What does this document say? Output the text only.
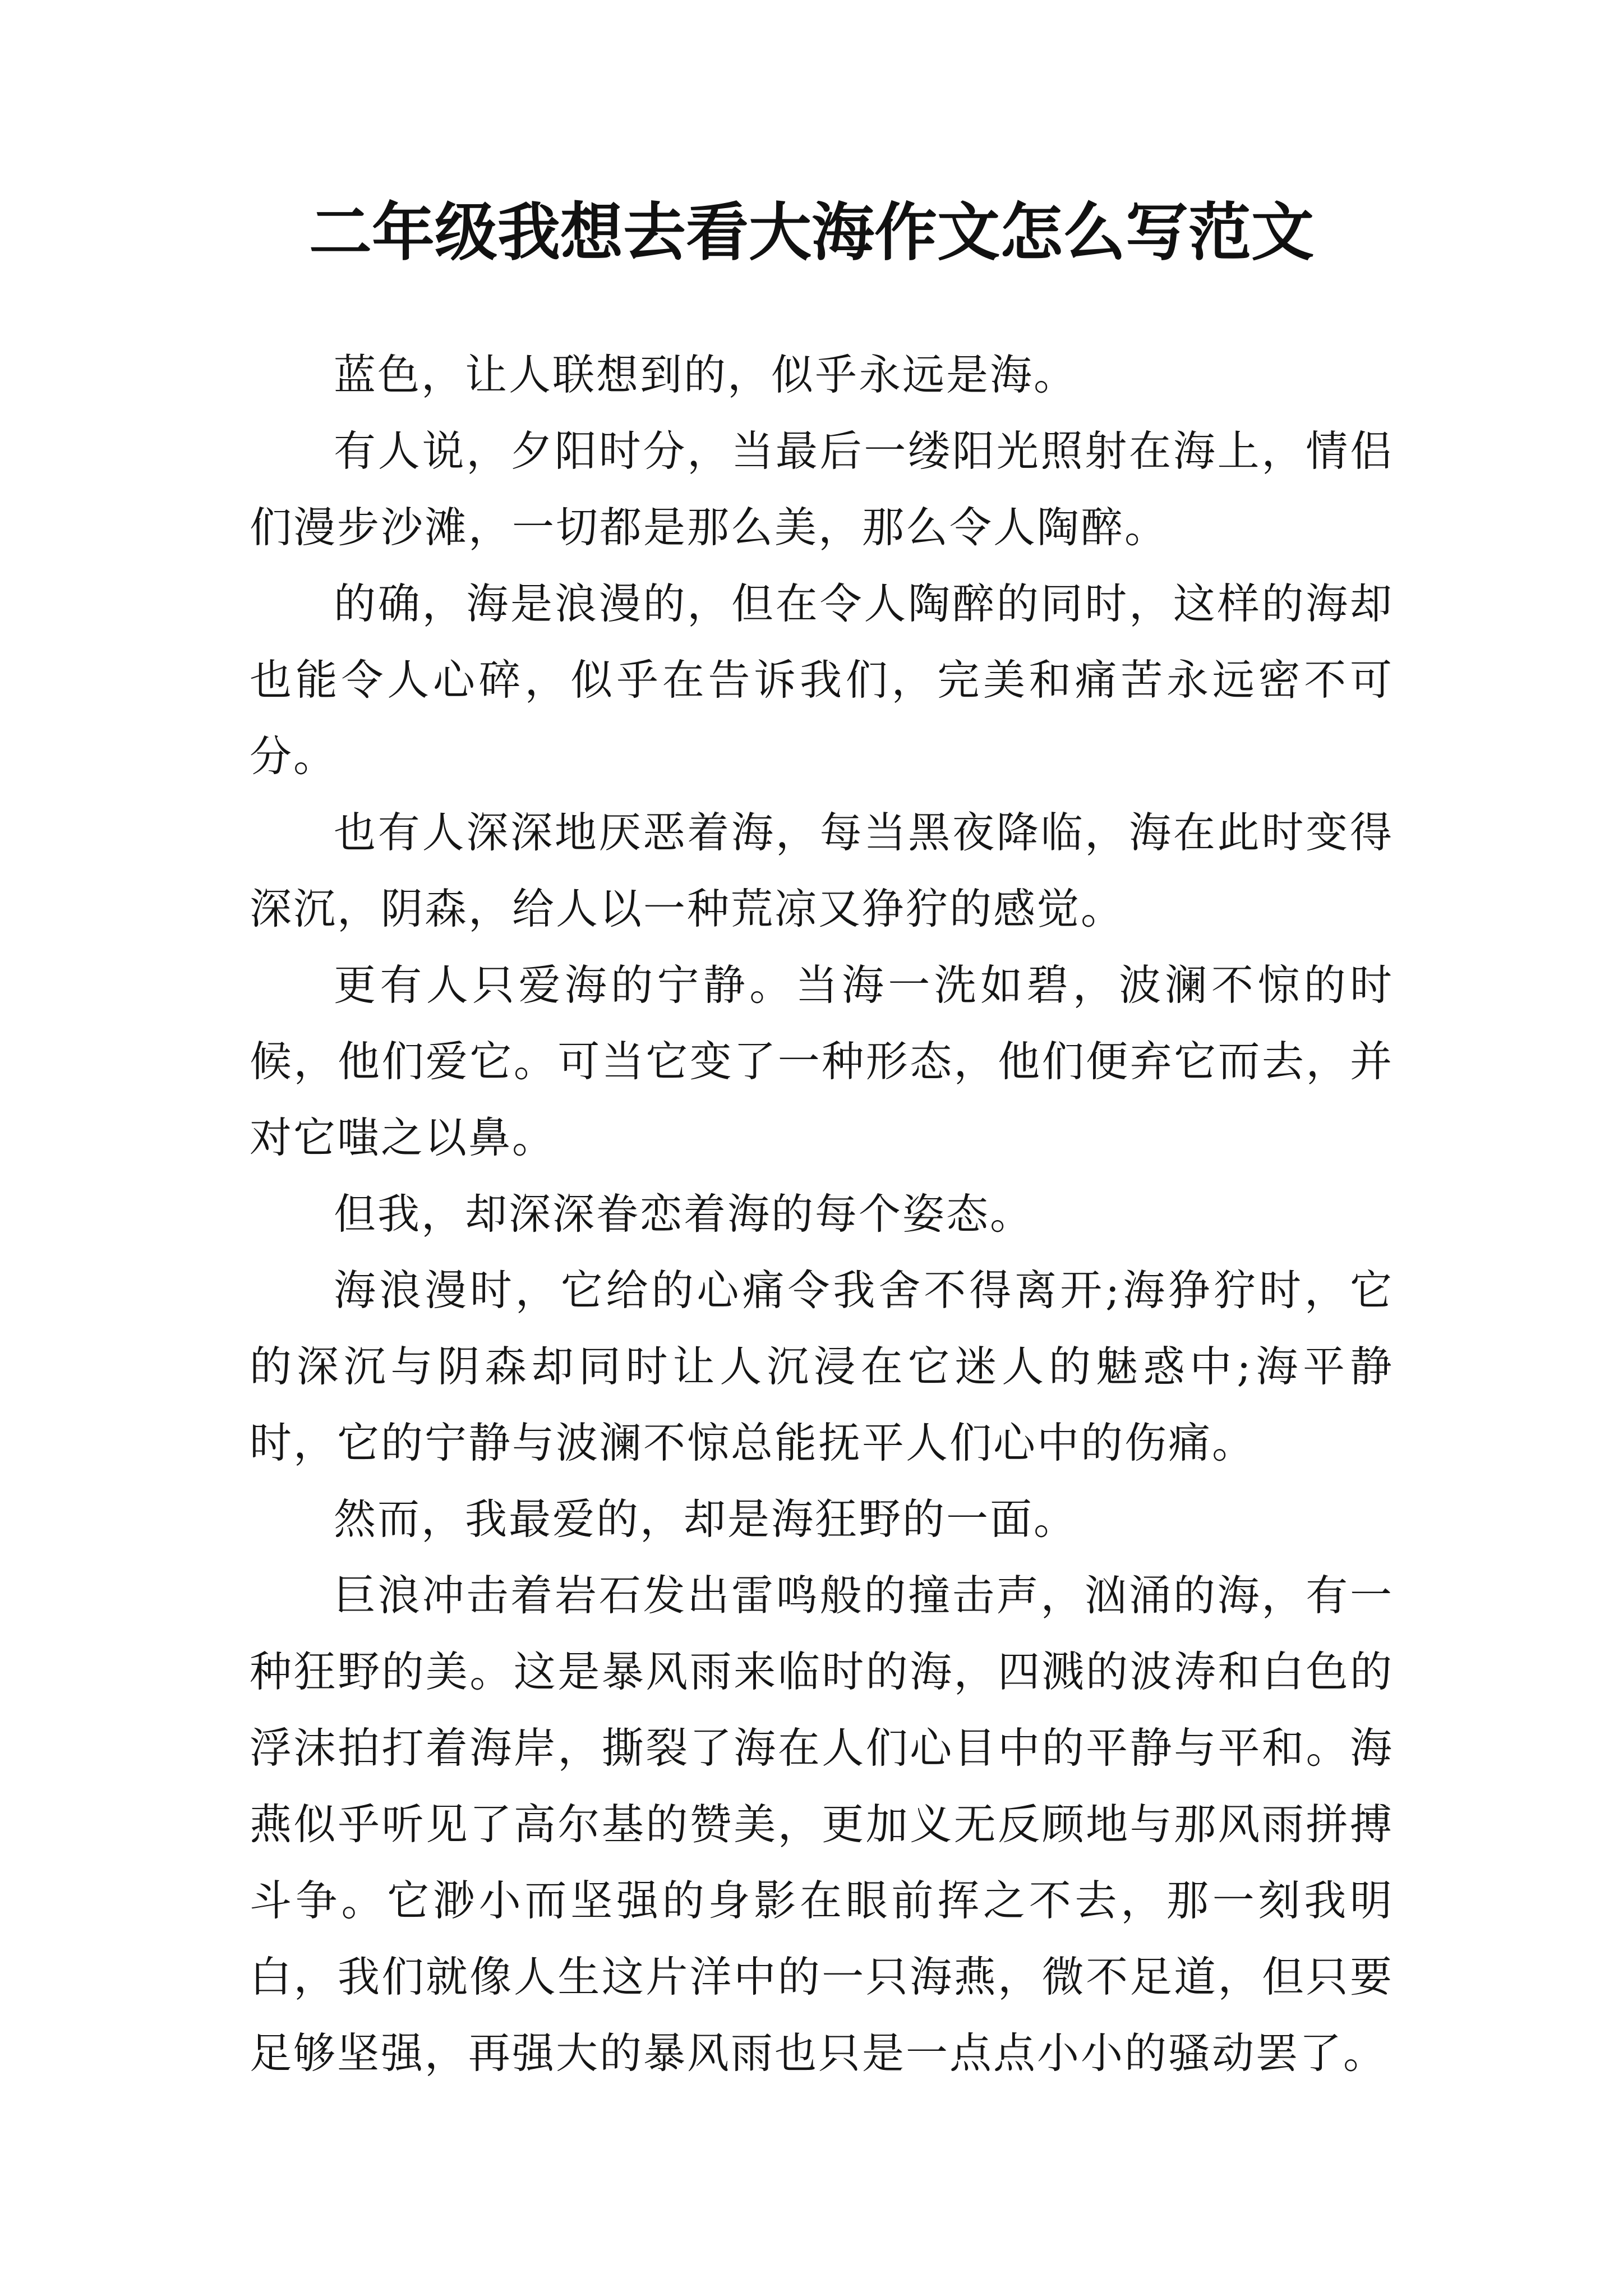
二年级我想去看大海作文怎么写范文

蓝色，让人联想到的，似乎永远是海。

有人说，夕阳时分，当最后一缕阳光照射在海上，情侣们漫步沙滩，一切都是那么美，那么令人陶醉。

的确，海是浪漫的，但在令人陶醉的同时，这样的海却也能令人心碎，似乎在告诉我们，完美和痛苦永远密不可分。

也有人深深地厌恶着海，每当黑夜降临，海在此时变得深沉，阴森，给人以一种荒凉又狰狞的感觉。

更有人只爱海的宁静。当海一洗如碧，波澜不惊的时候，他们爱它。可当它变了一种形态，他们便弃它而去，并对它嗤之以鼻。

但我，却深深眷恋着海的每个姿态。

海浪漫时，它给的心痛令我舍不得离开;海狰狞时，它的深沉与阴森却同时让人沉浸在它迷人的魅惑中;海平静时，它的宁静与波澜不惊总能抚平人们心中的伤痛。

然而，我最爱的，却是海狂野的一面。

巨浪冲击着岩石发出雷鸣般的撞击声，汹涌的海，有一种狂野的美。这是暴风雨来临时的海，四溅的波涛和白色的浮沫拍打着海岸，撕裂了海在人们心目中的平静与平和。海燕似乎听见了高尔基的赞美，更加义无反顾地与那风雨拼搏斗争。它渺小而坚强的身影在眼前挥之不去，那一刻我明白，我们就像人生这片洋中的一只海燕，微不足道，但只要足够坚强，再强大的暴风雨也只是一点点小小的骚动罢了。
